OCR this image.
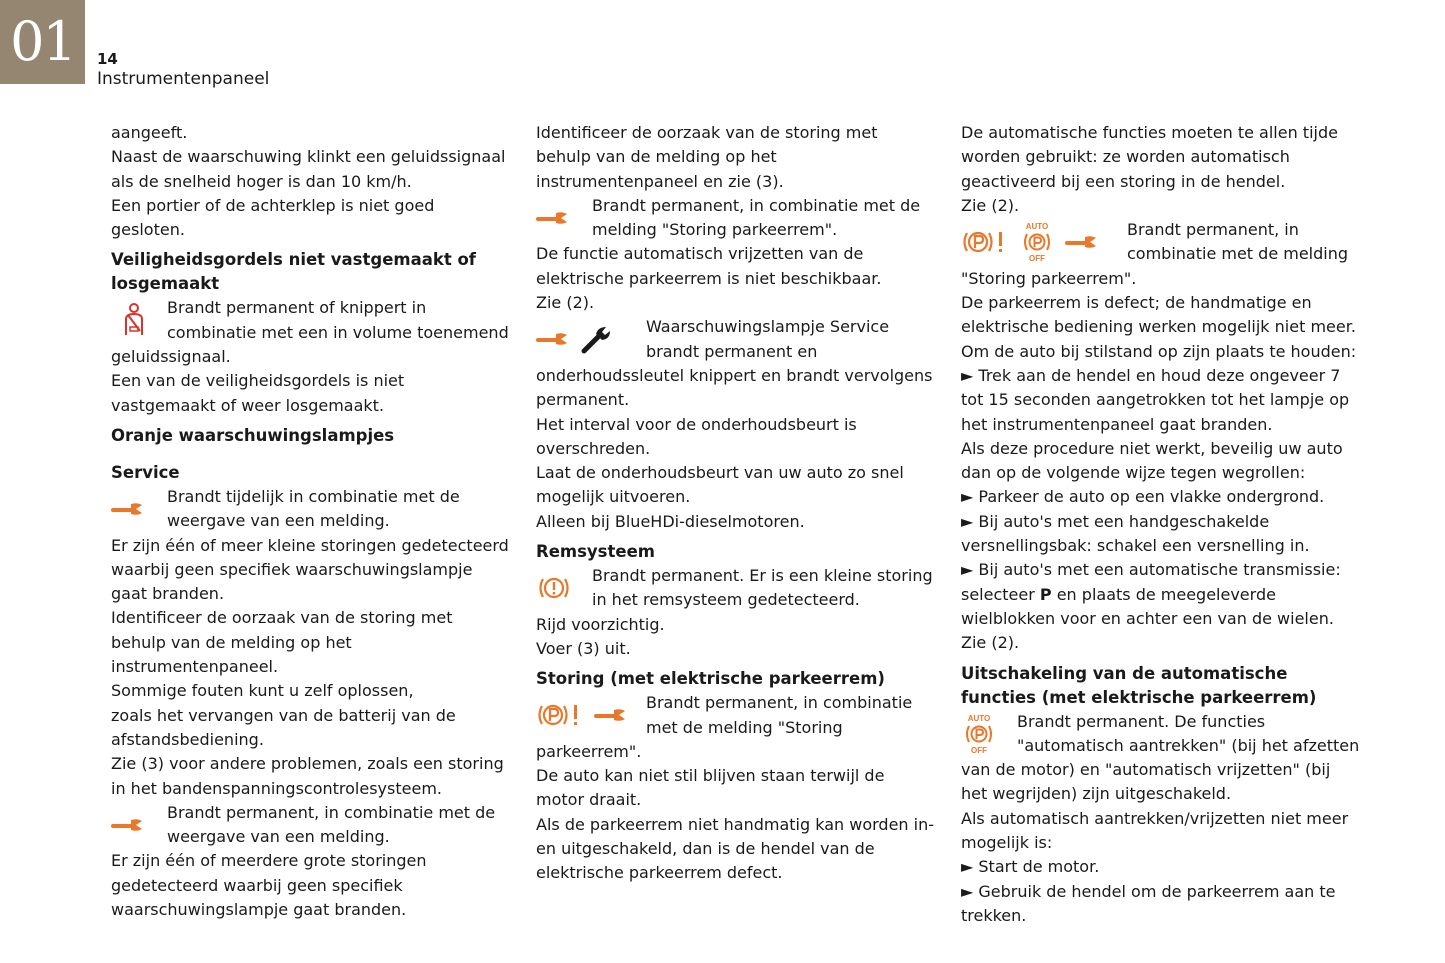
01	14
Instrumentenpaneel

aangeeft.

Naast de waarschuwing klinkt een geluidssignaal als de snelheid hoger is dan 10 km/h.

Een portier of de achterklep is niet goed gesloten.

Veiligheidsgordels niet vastgemaakt of losgemaakt

Brandt permanent of knippert in combinatie met een in volume toenemend geluidssignaal.

Een van de veiligheidsgordels is niet vastgemaakt of weer losgemaakt.

Oranje waarschuwingslampjes
Service

Brandt tijdelijk in combinatie met de weergave van een melding.

Er zijn één of meer kleine storingen gedetecteerd waarbij geen specifiek waarschuwingslampje gaat branden.

Identificeer de oorzaak van de storing met behulp van de melding op het instrumentenpaneel.

Sommige fouten kunt u zelf oplossen,

zoals het vervangen van de batterij van de afstandsbediening.

Zie (3) voor andere problemen, zoals een storing in het bandenspanningscontrolesysteem.

Brandt permanent, in combinatie met de weergave van een melding.

Er zijn één of meerdere grote storingen gedetecteerd waarbij geen specifiek waarschuwingslampje gaat branden.

Identificeer de oorzaak van de storing met behulp van de melding op het instrumentenpaneel en zie (3).

Brandt permanent, in combinatie met de melding "Storing parkeerrem".

De functie automatisch vrijzetten van de elektrische parkeerrem is niet beschikbaar.

Zie (2).

Waarschuwingslampje Service brandt permanent en onderhoudssleutel knippert en brandt vervolgens permanent.

Het interval voor de onderhoudsbeurt is overschreden.

Laat de onderhoudsbeurt van uw auto zo snel mogelijk uitvoeren.

Alleen bij BlueHDi-dieselmotoren.

Remsysteem

Brandt permanent. Er is een kleine storing in het remsysteem gedetecteerd.

Rijd voorzichtig.

Voer (3) uit.

Storing (met elektrische parkeerrem)

Brandt permanent, in combinatie met de melding "Storing parkeerrem".

De auto kan niet stil blijven staan terwijl de motor draait.

Als de parkeerrem niet handmatig kan worden in- en uitgeschakeld, dan is de hendel van de elektrische parkeerrem defect.

De automatische functies moeten te allen tijde worden gebruikt: ze worden automatisch geactiveerd bij een storing in de hendel.

Zie (2).

AUTO
OFF

Brandt permanent, in combinatie met de melding "Storing parkeerrem".

De parkeerrem is defect; de handmatige en elektrische bediening werken mogelijk niet meer.

Om de auto bij stilstand op zijn plaats te houden:

► Trek aan de hendel en houd deze ongeveer 7 tot 15 seconden aangetrokken tot het lampje op het instrumentenpaneel gaat branden.

Als deze procedure niet werkt, beveilig uw auto dan op de volgende wijze tegen wegrollen:

► Parkeer de auto op een vlakke ondergrond.

► Bij auto's met een handgeschakelde versnellingsbak: schakel een versnelling in.

► Bij auto's met een automatische transmissie: selecteer P en plaats de meegeleverde wielblokken voor en achter een van de wielen.

Zie (2).

Uitschakeling van de automatische functies (met elektrische parkeerrem)
AUTO
OFF

Brandt permanent. De functies "automatisch aantrekken" (bij het afzetten van de motor) en "automatisch vrijzetten" (bij het wegrijden) zijn uitgeschakeld.

Als automatisch aantrekken/vrijzetten niet meer mogelijk is:

► Start de motor.

► Gebruik de hendel om de parkeerrem aan te trekken.
